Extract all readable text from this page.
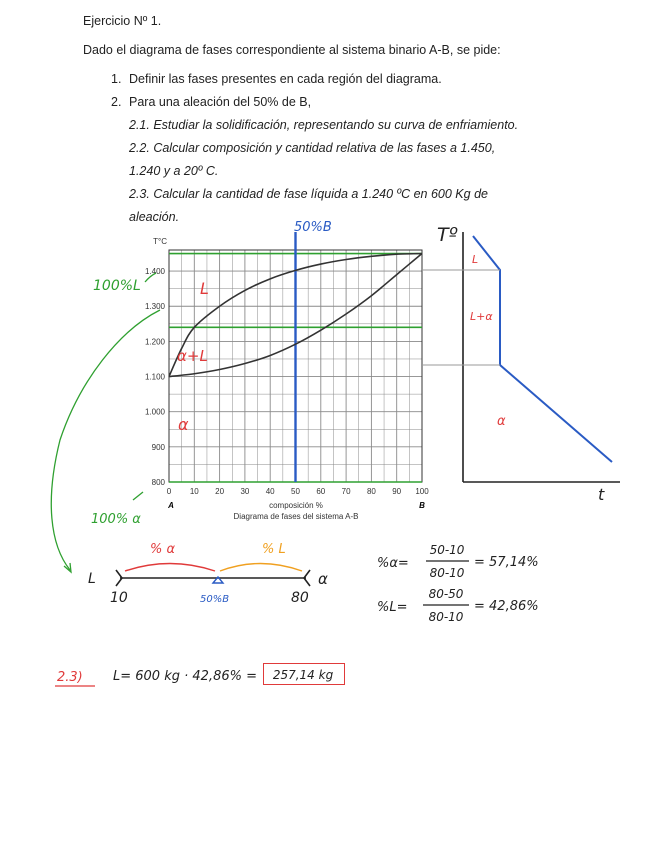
Ejercicio Nº 1.
Dado el diagrama de fases correspondiente al sistema binario A-B, se pide:
1. Definir las fases presentes en cada región del diagrama.
2. Para una aleación del 50% de B,
2.1. Estudiar la solidificación, representando su curva de enfriamiento.
2.2. Calcular composición y cantidad relativa de las fases a 1.450,
1.240 y a 20º C.
2.3. Calcular la cantidad de fase líquida a 1.240 ºC en 600 Kg de
aleación.
0 10 20 30 40 50 60 70 80 90 100
800
900
1.000
1.100
1.200
1.300
1.400
T°C
A	B
composición %
Diagrama de fases del sistema A-B
50%B
100%L
100% α
L
α+L
α
Tº
L
L+α
α
t
% α	% L
L
10	50%B	80
α
%α=
50-10
80-10
= 57,14%
%L=
80-50
80-10
= 42,86%
2.3) L= 600 kg · 42,86% = 257,14 kg
